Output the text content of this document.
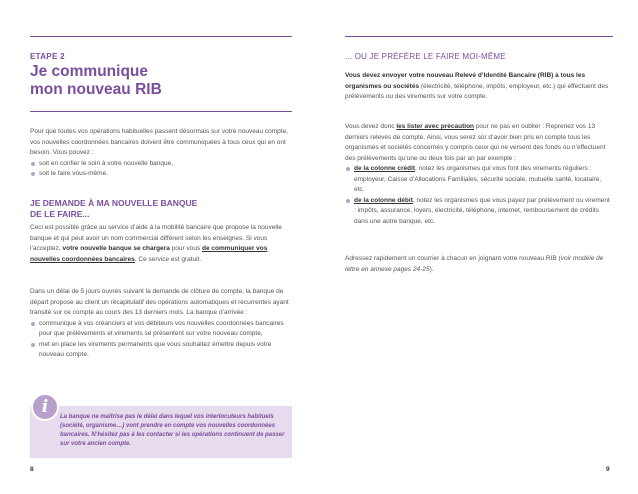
ETAPE 2
Je communique
mon nouveau RIB

Pour que toutes vos opérations habituelles passent désormais sur votre nouveau compte, vos nouvelles coordonnées bancaires doivent être communiquées à tous ceux qui en ont besoin. Vous pouvez :

soit en confier le soin à votre nouvelle banque,
soit le faire vous-même.
JE DEMANDE À MA NOUVELLE BANQUE
DE LE FAIRE...
Ceci est possible grâce au service d’aide à la mobilité bancaire que propose la nouvelle banque et qui peut avoir un nom commercial différent selon les enseignes. Si vous l’acceptez, votre nouvelle banque se chargera pour vous de communiquer vos nouvelles coordonnées bancaires. Ce service est gratuit.

Dans un délai de 5 jours ouvrés suivant la demande de clôture de compte, la banque de départ propose au client un récapitulatif des opérations automatiques et récurrentes ayant transité sur ce compte au cours des 13 derniers mois. La banque d’arrivée :

communique à vos créanciers et vos débiteurs vos nouvelles coordonnées bancaires pour que prélèvements et virements se présentent sur votre nouveau compte,
met en place les virements permanents que vous souhaitez émettre depuis votre nouveau compte.
i	La banque ne maîtrise pas le délai dans lequel vos interlocuteurs habituels (société, organisme…) vont prendre en compte vos nouvelles coordonnées bancaires. N’hésitez pas à les contacter si les opérations continuent de passer sur votre ancien compte.
8
... OU JE PRÉFÈRE LE FAIRE MOI-MÊME
Vous devez envoyer votre nouveau Relevé d’Identité Bancaire (RIB) à tous les organismes ou sociétés (électricité, téléphone, impôts, employeur, etc.) qui effectuent des prélèvements ou des virements sur votre compte.

Vous devez donc les lister avec précaution pour ne pas en oublier : Reprenez vos 13 derniers relevés de compte. Ainsi, vous serez sûr d’avoir bien pris en compte tous les organismes et sociétés concernés y compris ceux qui ne versent des fonds ou n’effectuent des prélèvements qu’une ou deux fois par an par exemple :

de la colonne crédit, notez les organismes qui vous font des virements réguliers : employeur, Caisse d’Allocations Familiales, sécurité sociale, mutuelle santé, locataire, etc.
de la colonne débit, notez les organismes que vous payez par prélèvement ou virement : impôts, assurance, loyers, électricité, téléphone, internet, remboursement de crédits dans une autre banque, etc.
Adressez rapidement un courrier à chacun en joignant votre nouveau RIB (voir modèle de lettre en annexe pages 24-25).
9
